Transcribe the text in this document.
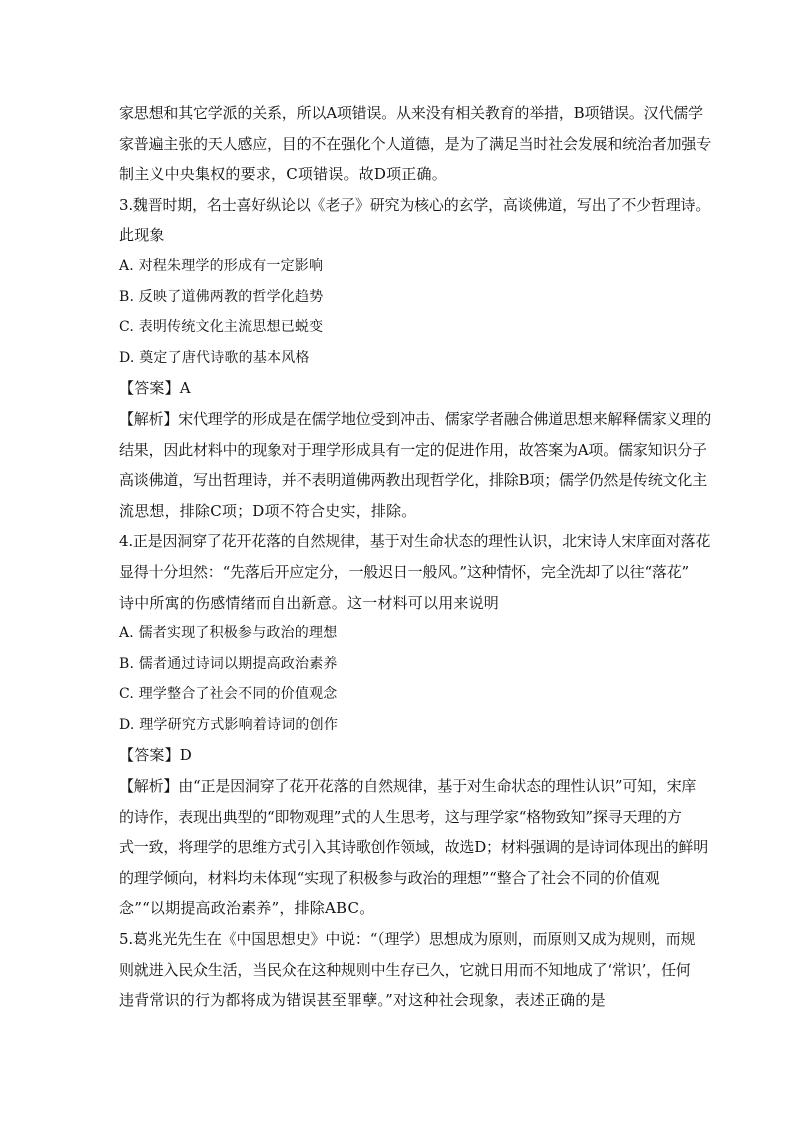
家思想和其它学派的关系，所以A项错误。从来没有相关教育的举措，B项错误。汉代儒学
家普遍主张的天人感应，目的不在强化个人道德，是为了满足当时社会发展和统治者加强专
制主义中央集权的要求，C项错误。故D项正确。
3.魏晋时期，名士喜好纵论以《老子》研究为核心的玄学，高谈佛道，写出了不少哲理诗。
此现象
A. 对程朱理学的形成有一定影响
B. 反映了道佛两教的哲学化趋势
C. 表明传统文化主流思想已蜕变
D. 奠定了唐代诗歌的基本风格
【答案】A
【解析】宋代理学的形成是在儒学地位受到冲击、儒家学者融合佛道思想来解释儒家义理的
结果，因此材料中的现象对于理学形成具有一定的促进作用，故答案为A项。儒家知识分子
高谈佛道，写出哲理诗，并不表明道佛两教出现哲学化，排除B项；儒学仍然是传统文化主
流思想，排除C项；D项不符合史实，排除。
4.正是因洞穿了花开花落的自然规律，基于对生命状态的理性认识，北宋诗人宋庠面对落花
显得十分坦然：“先落后开应定分，一般迟日一般风。”这种情怀，完全洗却了以往“落花”
诗中所寓的伤感情绪而自出新意。这一材料可以用来说明
A. 儒者实现了积极参与政治的理想
B. 儒者通过诗词以期提高政治素养
C. 理学整合了社会不同的价值观念
D. 理学研究方式影响着诗词的创作
【答案】D
【解析】由“正是因洞穿了花开花落的自然规律，基于对生命状态的理性认识”可知，宋庠
的诗作，表现出典型的“即物观理”式的人生思考，这与理学家“格物致知”探寻天理的方
式一致，将理学的思维方式引入其诗歌创作领域，故选D；材料强调的是诗词体现出的鲜明
的理学倾向，材料均未体现“实现了积极参与政治的理想”“整合了社会不同的价值观
念”“以期提高政治素养”，排除ABC。
5.葛兆光先生在《中国思想史》中说：“（理学）思想成为原则，而原则又成为规则，而规
则就进入民众生活，当民众在这种规则中生存已久，它就日用而不知地成了‘常识’，任何
违背常识的行为都将成为错误甚至罪孽。”对这种社会现象，表述正确的是
